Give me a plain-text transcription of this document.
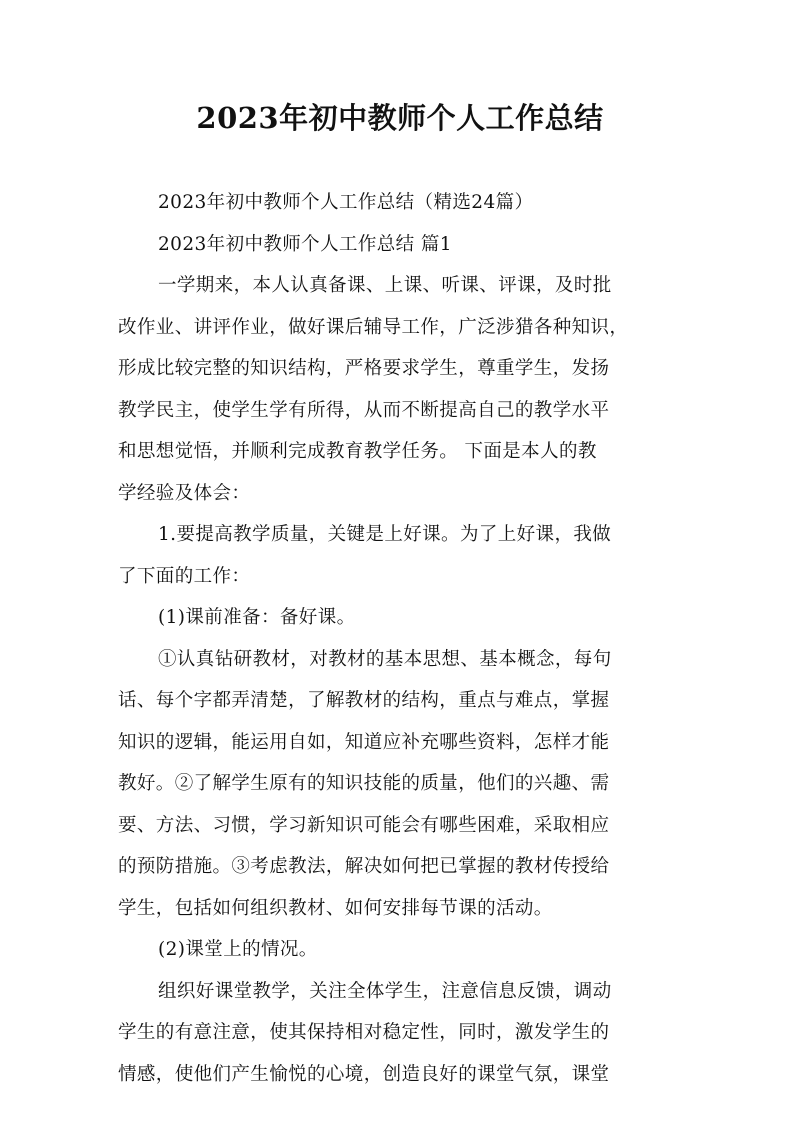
2023年初中教师个人工作总结
2023年初中教师个人工作总结（精选24篇）
2023年初中教师个人工作总结 篇1
一学期来，本人认真备课、上课、听课、评课，及时批
改作业、讲评作业，做好课后辅导工作，广泛涉猎各种知识，
形成比较完整的知识结构，严格要求学生，尊重学生，发扬
教学民主，使学生学有所得，从而不断提高自己的教学水平
和思想觉悟，并顺利完成教育教学任务。 下面是本人的教
学经验及体会：
1.要提高教学质量，关键是上好课。为了上好课，我做
了下面的工作：
(1)课前准备：备好课。
①认真钻研教材，对教材的基本思想、基本概念，每句
话、每个字都弄清楚，了解教材的结构，重点与难点，掌握
知识的逻辑，能运用自如，知道应补充哪些资料，怎样才能
教好。②了解学生原有的知识技能的质量，他们的兴趣、需
要、方法、习惯，学习新知识可能会有哪些困难，采取相应
的预防措施。③考虑教法，解决如何把已掌握的教材传授给
学生，包括如何组织教材、如何安排每节课的活动。
(2)课堂上的情况。
组织好课堂教学，关注全体学生，注意信息反馈，调动
学生的有意注意，使其保持相对稳定性，同时，激发学生的
情感，使他们产生愉悦的心境，创造良好的课堂气氛，课堂
